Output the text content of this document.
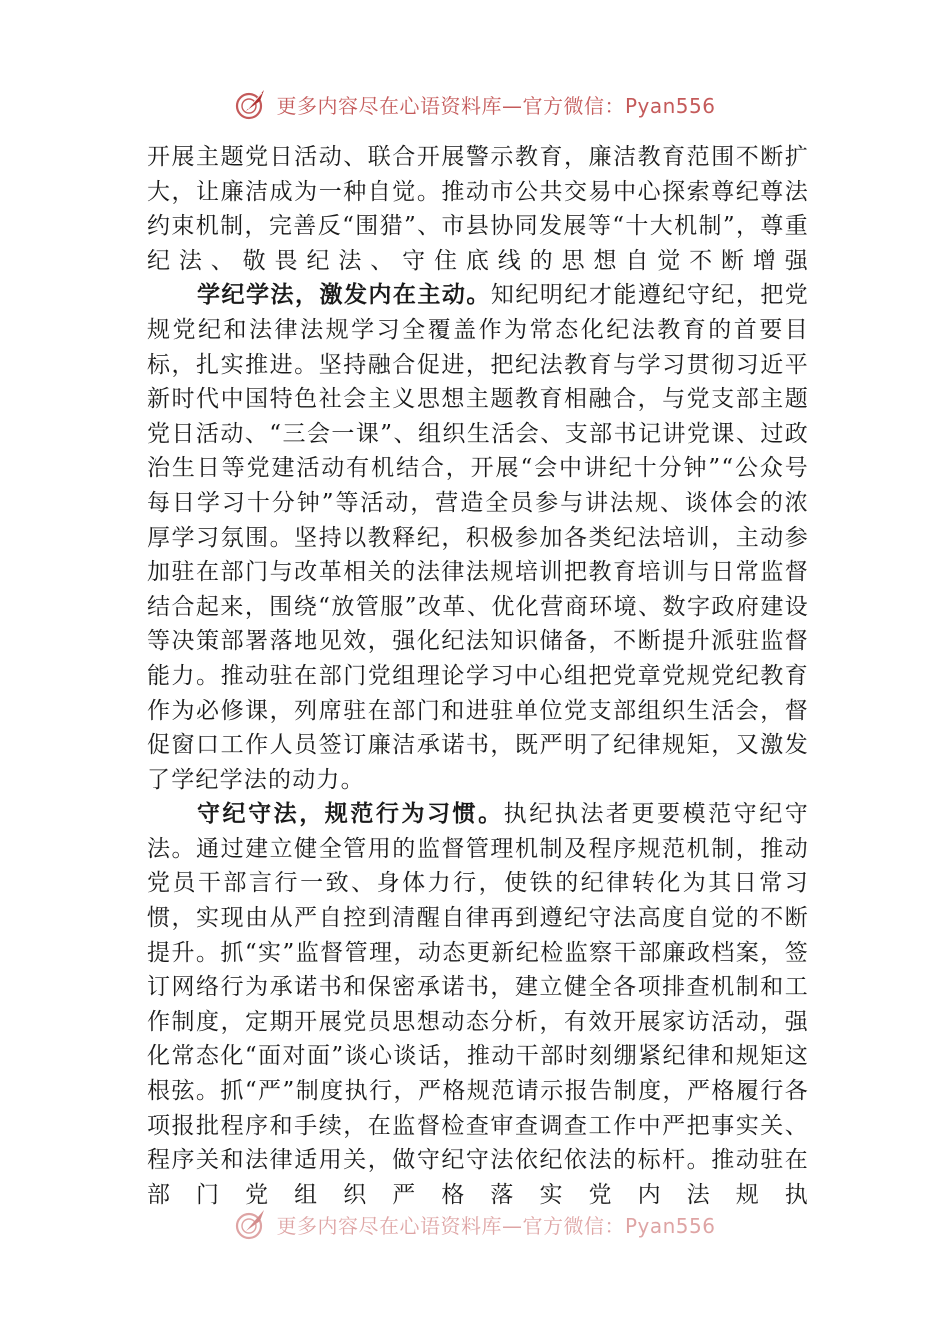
更多内容尽在心语资料库—官方微信：Pyan556

开展主题党日活动、联合开展警示教育，廉洁教育范围不断扩大，让廉洁成为一种自觉。推动市公共交易中心探索尊纪尊法约束机制，完善反“围猎”、市县协同发展等“十大机制”，尊重纪法、敬畏纪法、守住底线的思想自觉不断增强

学纪学法，激发内在主动。知纪明纪才能遵纪守纪，把党规党纪和法律法规学习全覆盖作为常态化纪法教育的首要目标，扎实推进。坚持融合促进，把纪法教育与学习贯彻习近平新时代中国特色社会主义思想主题教育相融合，与党支部主题党日活动、“三会一课”、组织生活会、支部书记讲党课、过政治生日等党建活动有机结合，开展“会中讲纪十分钟”“公众号每日学习十分钟”等活动，营造全员参与讲法规、谈体会的浓厚学习氛围。坚持以教释纪，积极参加各类纪法培训，主动参加驻在部门与改革相关的法律法规培训把教育培训与日常监督结合起来，围绕“放管服”改革、优化营商环境、数字政府建设等决策部署落地见效，强化纪法知识储备，不断提升派驻监督能力。推动驻在部门党组理论学习中心组把党章党规党纪教育作为必修课，列席驻在部门和进驻单位党支部组织生活会，督促窗口工作人员签订廉洁承诺书，既严明了纪律规矩，又激发了学纪学法的动力。

守纪守法，规范行为习惯。执纪执法者更要模范守纪守法。通过建立健全管用的监督管理机制及程序规范机制，推动党员干部言行一致、身体力行，使铁的纪律转化为其日常习惯，实现由从严自控到清醒自律再到遵纪守法高度自觉的不断提升。抓“实”监督管理，动态更新纪检监察干部廉政档案，签订网络行为承诺书和保密承诺书，建立健全各项排查机制和工作制度，定期开展党员思想动态分析，有效开展家访活动，强化常态化“面对面”谈心谈话，推动干部时刻绷紧纪律和规矩这根弦。抓“严”制度执行，严格规范请示报告制度，严格履行各项报批程序和手续，在监督检查审查调查工作中严把事实关、程序关和法律适用关，做守纪守法依纪依法的标杆。推动驻在部门党组织严格落实党内法规执

更多内容尽在心语资料库—官方微信：Pyan556
